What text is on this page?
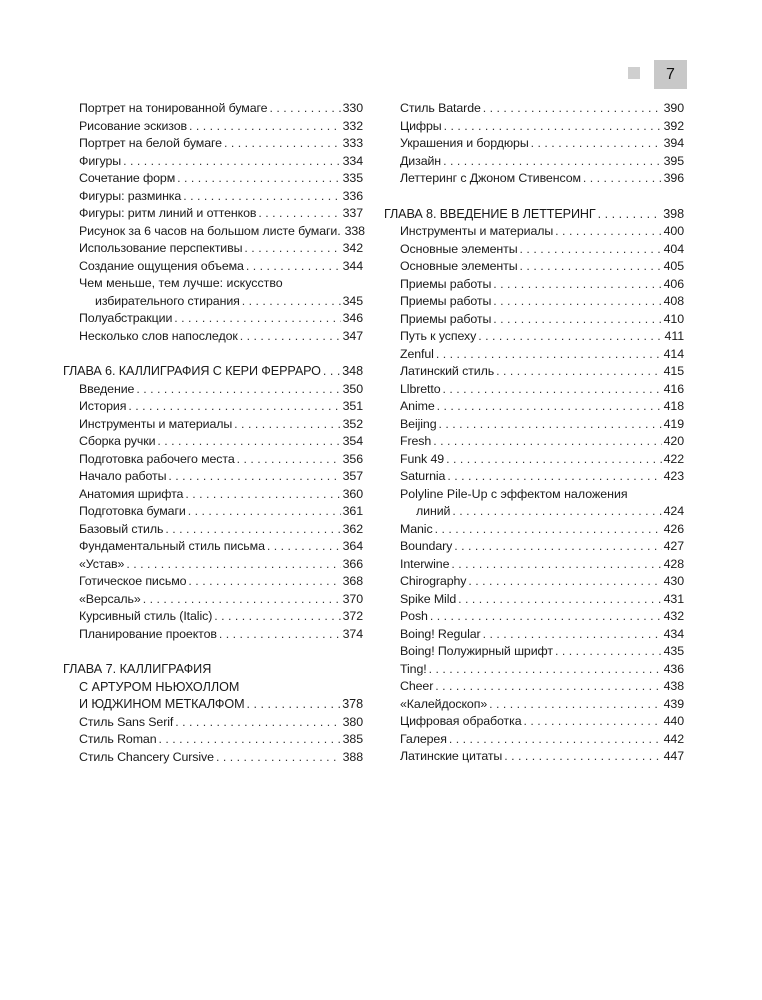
7
Портрет на тонированной бумаге . . .	330
Рисование эскизов . . .	332
Портрет на белой бумаге . . .	333
Фигуры . . .	334
Сочетание форм . . .	335
Фигуры: разминка . . .	336
Фигуры: ритм линий и оттенков . . .	337
Рисунок за 6 часов на большом листе бумаги. 338
Использование перспективы . . .	342
Создание ощущения объема . . .	344
Чем меньше, тем лучше: искусство
избирательного стирания . . .	345
Полуабстракции . . .	346
Несколько слов напоследок . . .	347
ГЛАВА 6. КАЛЛИГРАФИЯ С КЕРИ ФЕРРАРО . . . 348
Введение . . .	350
История . . .	351
Инструменты и материалы . . .	352
Сборка ручки . . .	354
Подготовка рабочего места . . .	356
Начало работы . . .	357
Анатомия шрифта . . .	360
Подготовка бумаги . . .	361
Базовый стиль . . .	362
Фундаментальный стиль письма . . .	364
«Устав» . . .	366
Готическое письмо . . .	368
«Версаль» . . .	370
Курсивный стиль (Italic) . . .	372
Планирование проектов . . .	374
ГЛАВА 7. КАЛЛИГРАФИЯ
С АРТУРОМ НЬЮХОЛЛОМ
И ЮДЖИНОМ МЕТКАЛФОМ . . .	378
Стиль Sans Serif . . .	380
Стиль Roman . . .	385
Стиль Chancery Cursive . . .	388
Стиль Batarde . . .	390
Цифры . . .	392
Украшения и бордюры . . .	394
Дизайн . . .	395
Леттеринг с Джоном Стивенсом . . .	396
ГЛАВА 8. ВВЕДЕНИЕ В ЛЕТТЕРИНГ . . .	398
Инструменты и материалы . . .	400
Основные элементы . . .	404
Основные элементы . . .	405
Приемы работы . . .	406
Приемы работы . . .	408
Приемы работы . . .	410
Путь к успеху . . .	411
Zenful . . .	414
Латинский стиль . . .	415
Llbretto . . .	416
Anime . . .	418
Beijing . . .	419
Fresh . . .	420
Funk 49 . . .	422
Saturnia . . .	423
Polyline Pile-Up с эффектом наложения
линий . . .	424
Manic . . .	426
Boundary . . .	427
Interwine . . .	428
Chirography . . .	430
Spike Mild . . .	431
Posh . . .	432
Boing! Regular . . .	434
Boing! Полужирный шрифт . . .	435
Ting! . . .	436
Cheer . . .	438
«Калейдоскоп» . . .	439
Цифровая обработка . . .	440
Галерея . . .	442
Латинские цитаты . . .	447
